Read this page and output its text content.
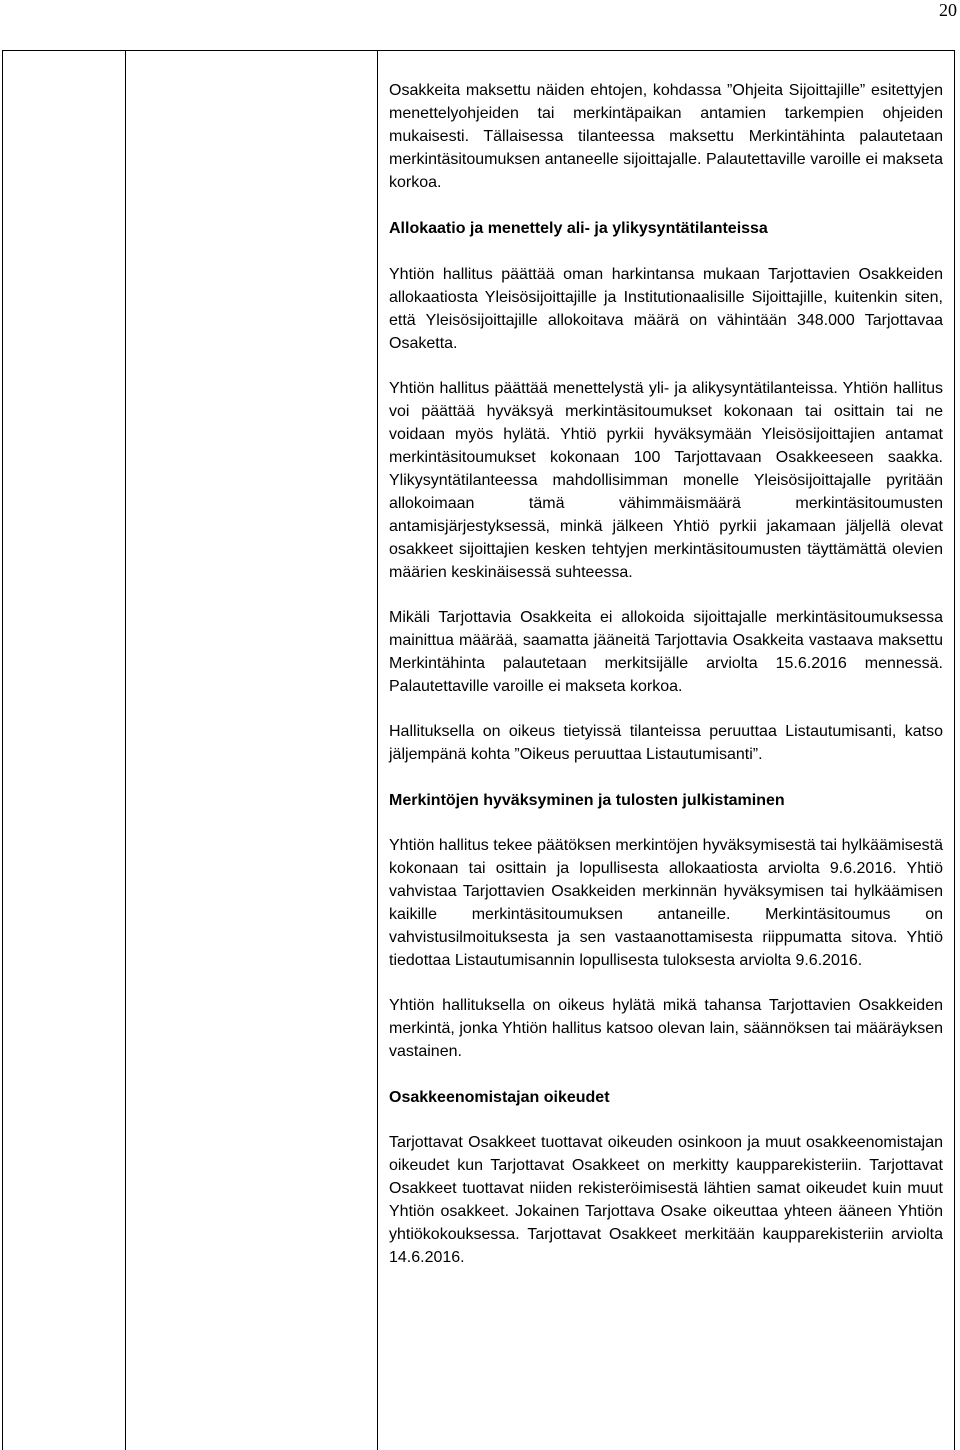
20

Osakkeita maksettu näiden ehtojen, kohdassa ”Ohjeita Sijoittajille” esitettyjen menettelyohjeiden tai merkintäpaikan antamien tarkempien ohjeiden mukaisesti. Tällaisessa tilanteessa maksettu Merkintähinta palautetaan merkintäsitoumuksen antaneelle sijoittajalle. Palautettaville varoille ei makseta korkoa.

Allokaatio ja menettely ali- ja ylikysyntätilanteissa

Yhtiön hallitus päättää oman harkintansa mukaan Tarjottavien Osakkeiden allokaatiosta Yleisösijoittajille ja Institutionaalisille Sijoittajille, kuitenkin siten, että Yleisösijoittajille allokoitava määrä on vähintään 348.000 Tarjottavaa Osaketta.

Yhtiön hallitus päättää menettelystä yli- ja alikysyntätilanteissa. Yhtiön hallitus voi päättää hyväksyä merkintäsitoumukset kokonaan tai osittain tai ne voidaan myös hylätä. Yhtiö pyrkii hyväksymään Yleisösijoittajien antamat merkintäsitoumukset kokonaan 100 Tarjottavaan Osakkeeseen saakka. Ylikysyntätilanteessa mahdollisimman monelle Yleisösijoittajalle pyritään allokoimaan tämä vähimmäismäärä merkintäsitoumusten antamisjärjestyksessä, minkä jälkeen Yhtiö pyrkii jakamaan jäljellä olevat osakkeet sijoittajien kesken tehtyjen merkintäsitoumusten täyttämättä olevien määrien keskinäisessä suhteessa.

Mikäli Tarjottavia Osakkeita ei allokoida sijoittajalle merkintäsitoumuksessa mainittua määrää, saamatta jääneitä Tarjottavia Osakkeita vastaava maksettu Merkintähinta palautetaan merkitsijälle arviolta 15.6.2016 mennessä. Palautettaville varoille ei makseta korkoa.

Hallituksella on oikeus tietyissä tilanteissa peruuttaa Listautumisanti, katso jäljempänä kohta ”Oikeus peruuttaa Listautumisanti”.

Merkintöjen hyväksyminen ja tulosten julkistaminen

Yhtiön hallitus tekee päätöksen merkintöjen hyväksymisestä tai hylkäämisestä kokonaan tai osittain ja lopullisesta allokaatiosta arviolta 9.6.2016. Yhtiö vahvistaa Tarjottavien Osakkeiden merkinnän hyväksymisen tai hylkäämisen kaikille merkintäsitoumuksen antaneille. Merkintäsitoumus on vahvistusilmoituksesta ja sen vastaanottamisesta riippumatta sitova. Yhtiö tiedottaa Listautumisannin lopullisesta tuloksesta arviolta 9.6.2016.

Yhtiön hallituksella on oikeus hylätä mikä tahansa Tarjottavien Osakkeiden merkintä, jonka Yhtiön hallitus katsoo olevan lain, säännöksen tai määräyksen vastainen.

Osakkeenomistajan oikeudet

Tarjottavat Osakkeet tuottavat oikeuden osinkoon ja muut osakkeenomistajan oikeudet kun Tarjottavat Osakkeet on merkitty kaupparekisteriin. Tarjottavat Osakkeet tuottavat niiden rekisteröimisestä lähtien samat oikeudet kuin muut Yhtiön osakkeet. Jokainen Tarjottava Osake oikeuttaa yhteen ääneen Yhtiön yhtiökokouksessa. Tarjottavat Osakkeet merkitään kaupparekisteriin arviolta 14.6.2016.
